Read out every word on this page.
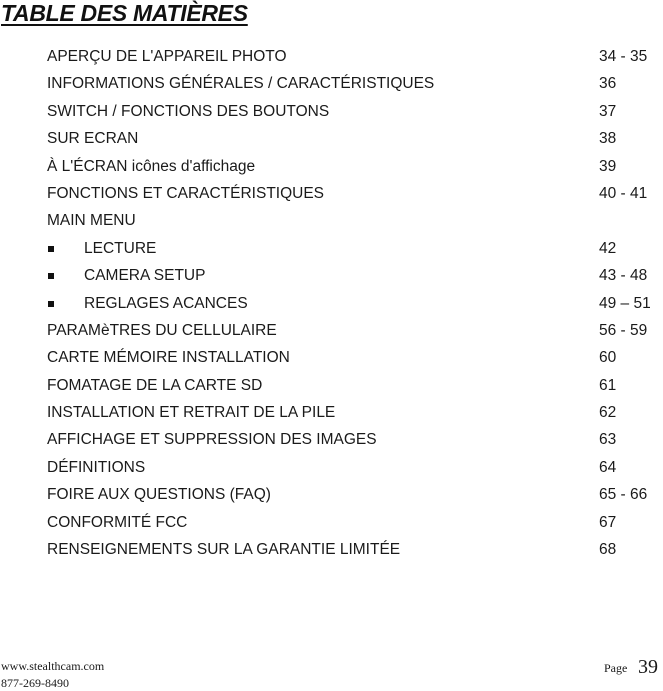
TABLE DES MATIÈRES
APERÇU DE L'APPAREIL PHOTO	34 - 35
INFORMATIONS GÉNÉRALES / CARACTÉRISTIQUES	36
SWITCH / FONCTIONS DES BOUTONS	37
SUR ECRAN	38
À L'ÉCRAN icônes d'affichage	39
FONCTIONS ET CARACTÉRISTIQUES	40 - 41
MAIN MENU
LECTURE	42
CAMERA SETUP	43 - 48
REGLAGES ACANCES	49 – 51
PARAMèTRES DU CELLULAIRE	56 - 59
CARTE MÉMOIRE INSTALLATION	60
FOMATAGE DE LA CARTE SD	61
INSTALLATION ET RETRAIT DE LA PILE	62
AFFICHAGE ET SUPPRESSION DES IMAGES	63
DÉFINITIONS	64
FOIRE AUX QUESTIONS (FAQ)	65 - 66
CONFORMITÉ FCC	67
RENSEIGNEMENTS SUR LA GARANTIE LIMITÉE	68
www.stealthcam.com
877-269-8490
Page 39
